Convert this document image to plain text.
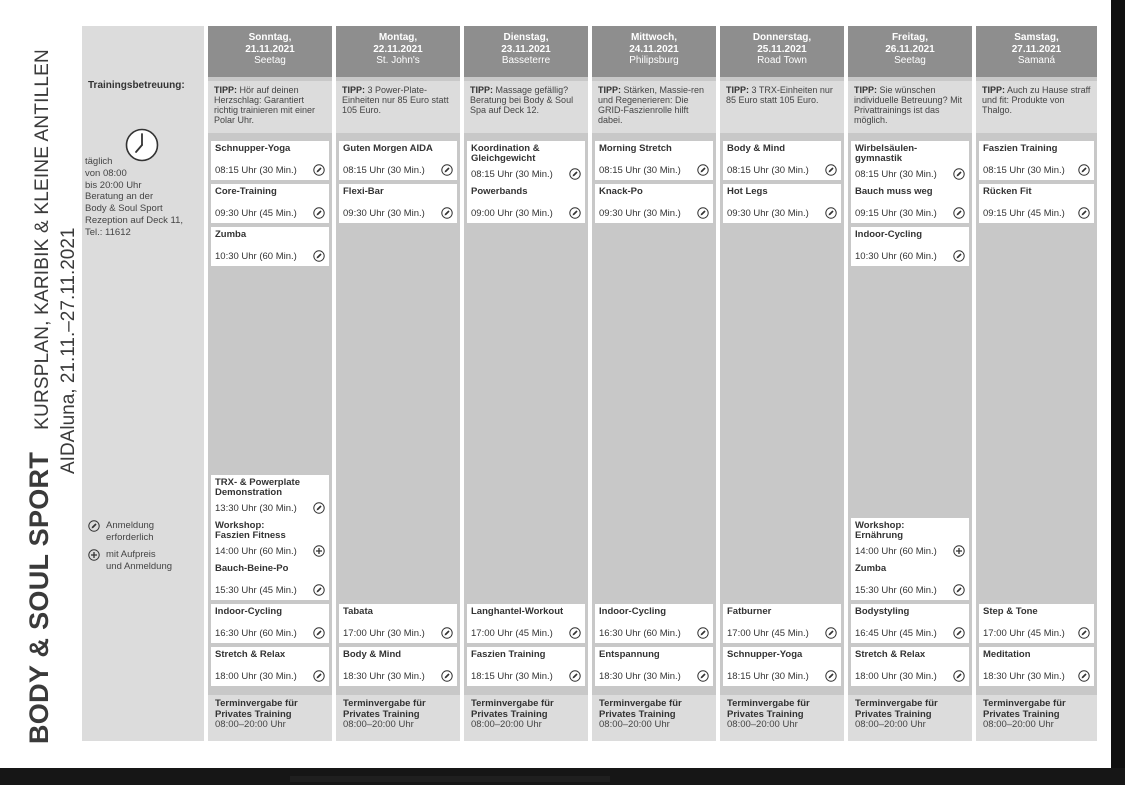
BODY & SOUL SPORT
KURSPLAN, KARIBIK & KLEINE ANTILLEN AIDAluna, 21.11.–27.11.2021
Trainingsbetreuung:
täglich
von 08:00
bis 20:00 Uhr
Beratung an der
Body & Soul Sport
Rezeption auf Deck 11,
Tel.: 11612
Anmeldung
erforderlich
mit Aufpreis
und Anmeldung
Sonntag,
21.11.2021
Seetag
TIPP: Hör auf deinen Herzschlag: Garantiert richtig trainieren mit einer Polar Uhr.
Schnupper-Yoga
08:15 Uhr (30 Min.)
Core-Training
09:30 Uhr (45 Min.)
Zumba
10:30 Uhr (60 Min.)
TRX- & Powerplate
Demonstration
13:30 Uhr (30 Min.)
Workshop:
Faszien Fitness
14:00 Uhr (60 Min.)
Bauch-Beine-Po
15:30 Uhr (45 Min.)
Indoor-Cycling
16:30 Uhr (60 Min.)
Stretch & Relax
18:00 Uhr (30 Min.)
Terminvergabe für
Privates Training
08:00–20:00 Uhr
Montag,
22.11.2021
St. John's
TIPP: 3 Power-Plate-Einheiten nur 85 Euro statt 105 Euro.
Guten Morgen AIDA
08:15 Uhr (30 Min.)
Flexi-Bar
09:30 Uhr (30 Min.)
Tabata
17:00 Uhr (30 Min.)
Body & Mind
18:30 Uhr (30 Min.)
Terminvergabe für
Privates Training
08:00–20:00 Uhr
Dienstag,
23.11.2021
Basseterre
TIPP: Massage gefällig? Beratung bei Body & Soul Spa auf Deck 12.
Koordination &
Gleichgewicht
08:15 Uhr (30 Min.)
Powerbands
09:00 Uhr (30 Min.)
Langhantel-Workout
17:00 Uhr (45 Min.)
Faszien Training
18:15 Uhr (30 Min.)
Terminvergabe für
Privates Training
08:00–20:00 Uhr
Mittwoch,
24.11.2021
Philipsburg
TIPP: Stärken, Massie-ren und Regenerieren: Die GRID-Faszienrolle hilft dabei.
Morning Stretch
08:15 Uhr (30 Min.)
Knack-Po
09:30 Uhr (30 Min.)
Indoor-Cycling
16:30 Uhr (60 Min.)
Entspannung
18:30 Uhr (30 Min.)
Terminvergabe für
Privates Training
08:00–20:00 Uhr
Donnerstag,
25.11.2021
Road Town
TIPP: 3 TRX-Einheiten nur 85 Euro statt 105 Euro.
Body & Mind
08:15 Uhr (30 Min.)
Hot Legs
09:30 Uhr (30 Min.)
Fatburner
17:00 Uhr (45 Min.)
Schnupper-Yoga
18:15 Uhr (30 Min.)
Terminvergabe für
Privates Training
08:00–20:00 Uhr
Freitag,
26.11.2021
Seetag
TIPP: Sie wünschen individuelle Betreuung? Mit Privattrainings ist das möglich.
Wirbelsäulen-
gymnastik
08:15 Uhr (30 Min.)
Bauch muss weg
09:15 Uhr (30 Min.)
Indoor-Cycling
10:30 Uhr (60 Min.)
Workshop:
Ernährung
14:00 Uhr (60 Min.)
Zumba
15:30 Uhr (60 Min.)
Bodystyling
16:45 Uhr (45 Min.)
Stretch & Relax
18:00 Uhr (30 Min.)
Terminvergabe für
Privates Training
08:00–20:00 Uhr
Samstag,
27.11.2021
Samaná
TIPP: Auch zu Hause straff und fit: Produkte von Thalgo.
Faszien Training
08:15 Uhr (30 Min.)
Rücken Fit
09:15 Uhr (45 Min.)
Step & Tone
17:00 Uhr (45 Min.)
Meditation
18:30 Uhr (30 Min.)
Terminvergabe für
Privates Training
08:00–20:00 Uhr
